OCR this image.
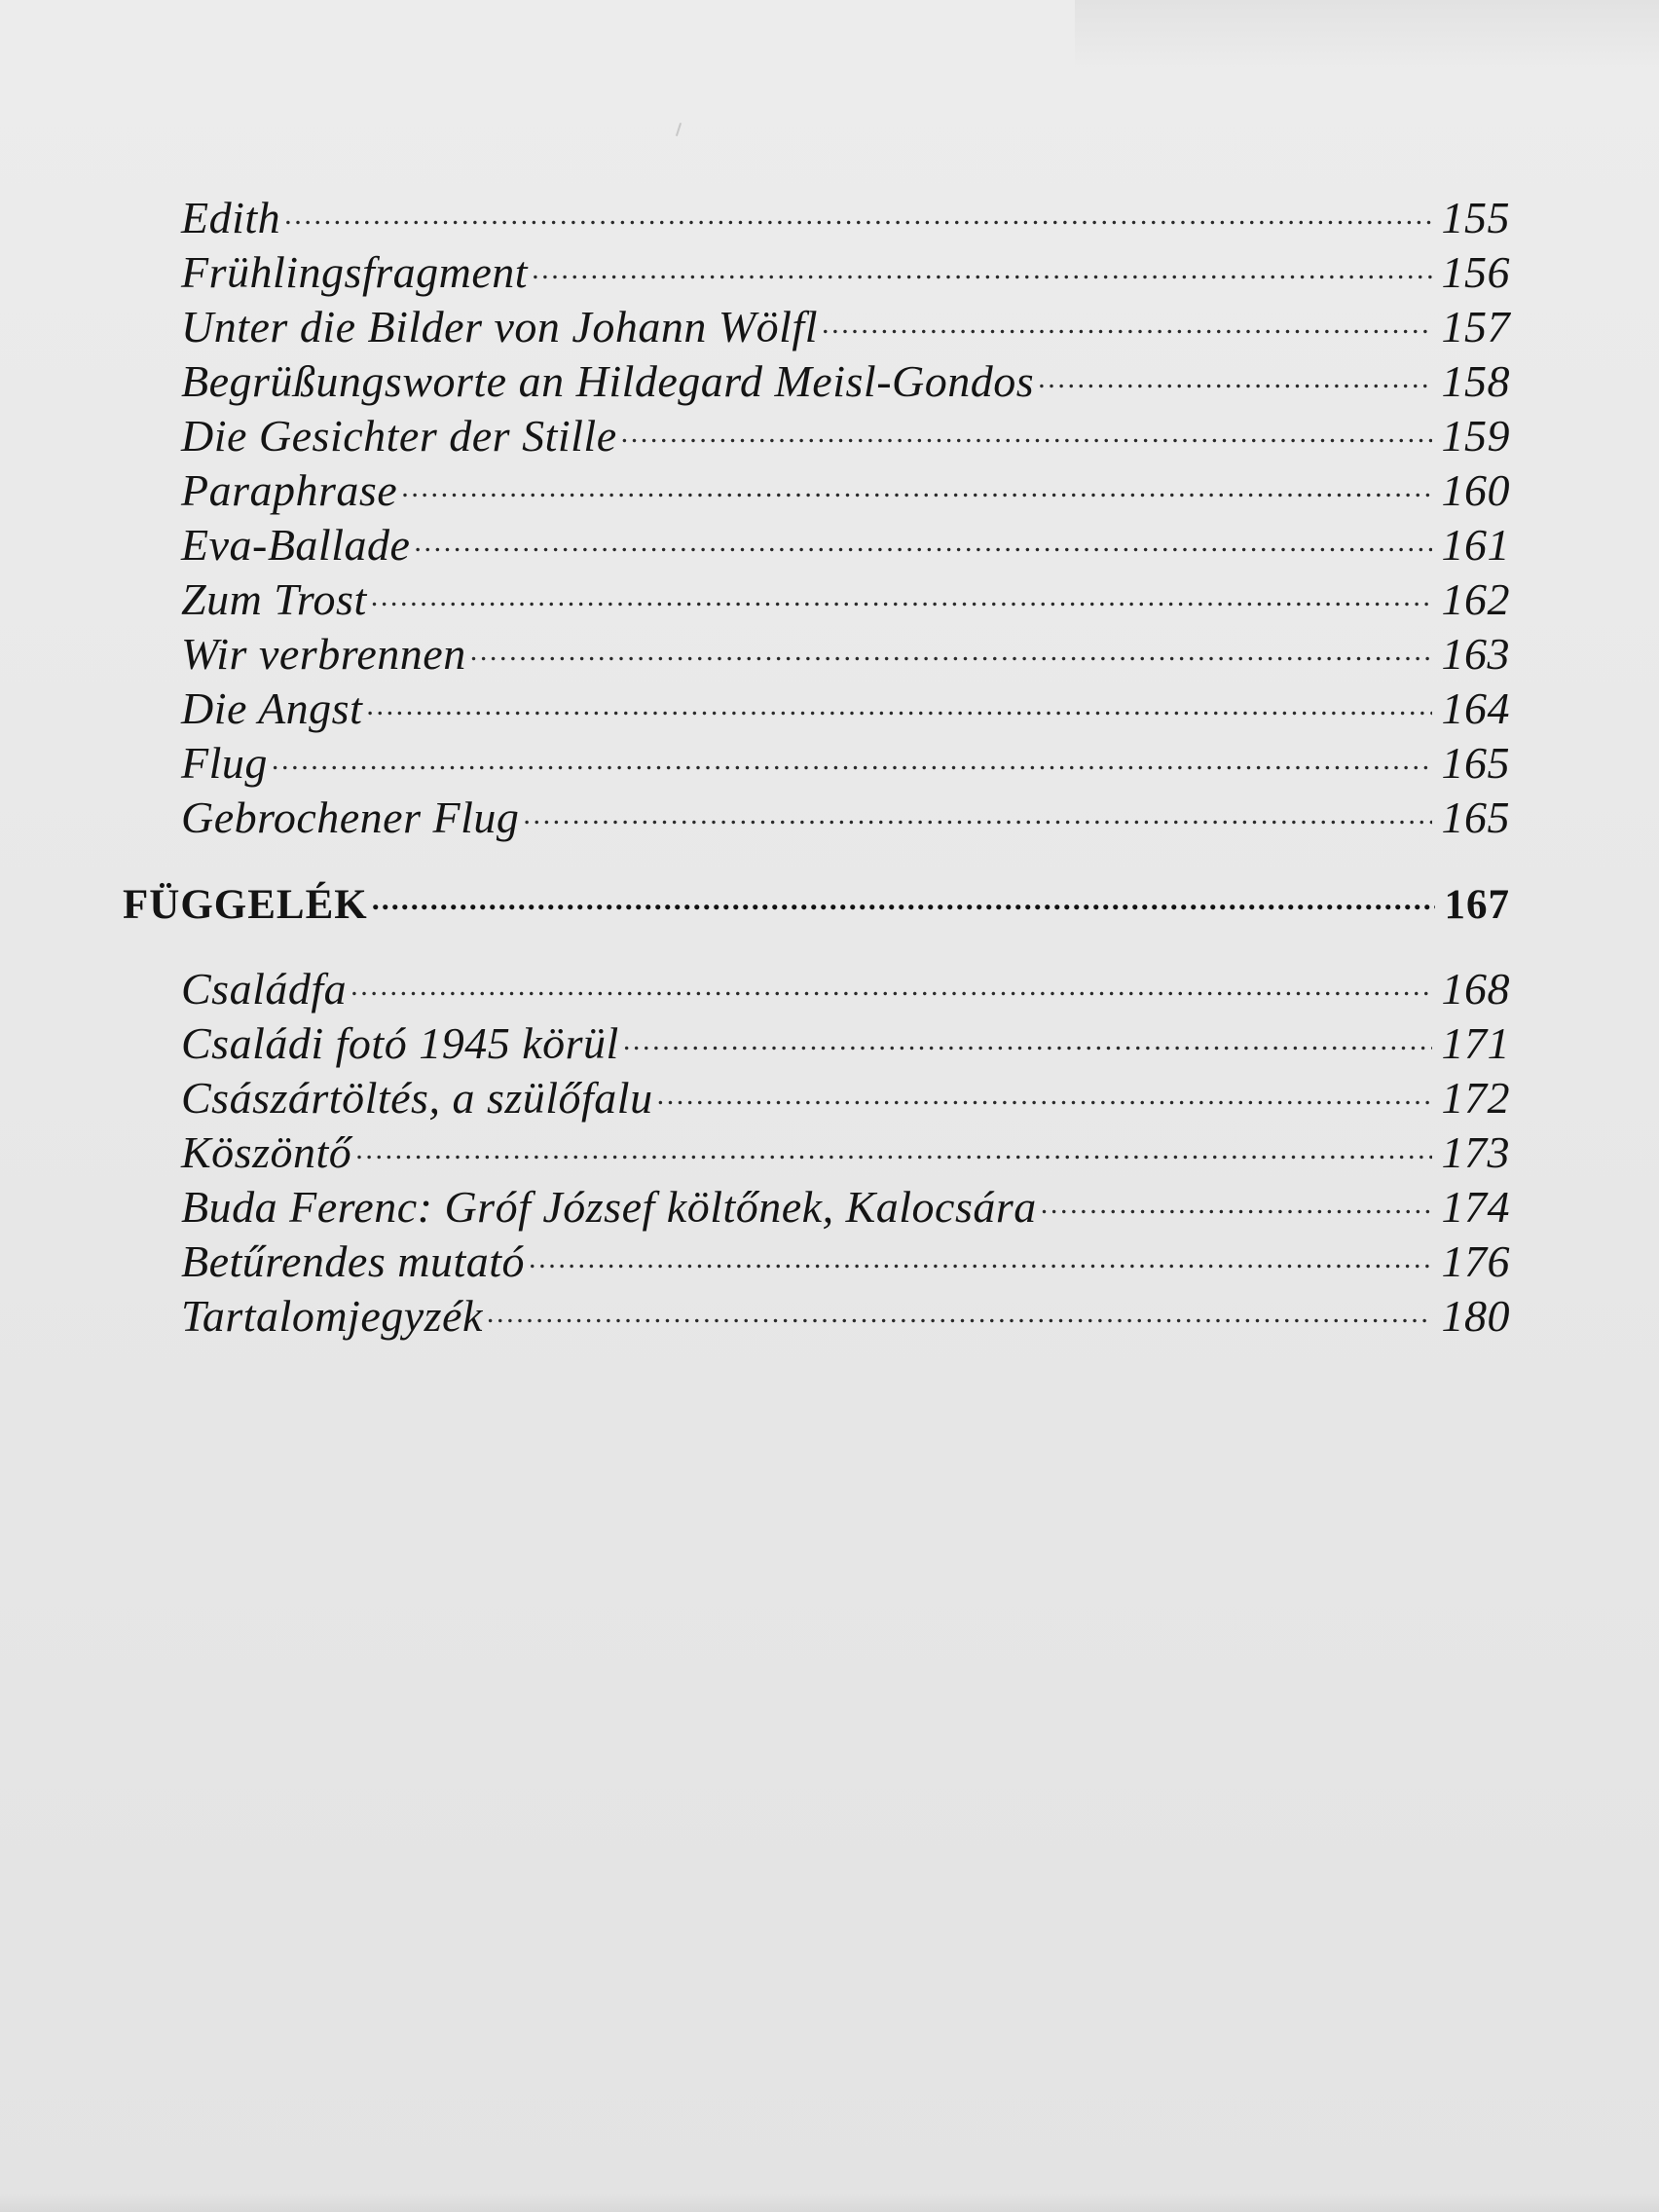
Edith .....	155
Frühlingsfragment .....	156
Unter die Bilder von Johann Wölfl .....	157
Begrüßungsworte an Hildegard Meisl-Gondos .....	158
Die Gesichter der Stille .....	159
Paraphrase .....	160
Eva-Ballade .....	161
Zum Trost .....	162
Wir verbrennen .....	163
Die Angst .....	164
Flug .....	165
Gebrochener Flug .....	165
FÜGGELÉK .....	167
Családfa .....	168
Családi fotó 1945 körül .....	171
Császártöltés, a szülőfalu .....	172
Köszöntő .....	173
Buda Ferenc: Gróf József költőnek, Kalocsára .....	174
Betűrendes mutató .....	176
Tartalomjegyzék .....	180
